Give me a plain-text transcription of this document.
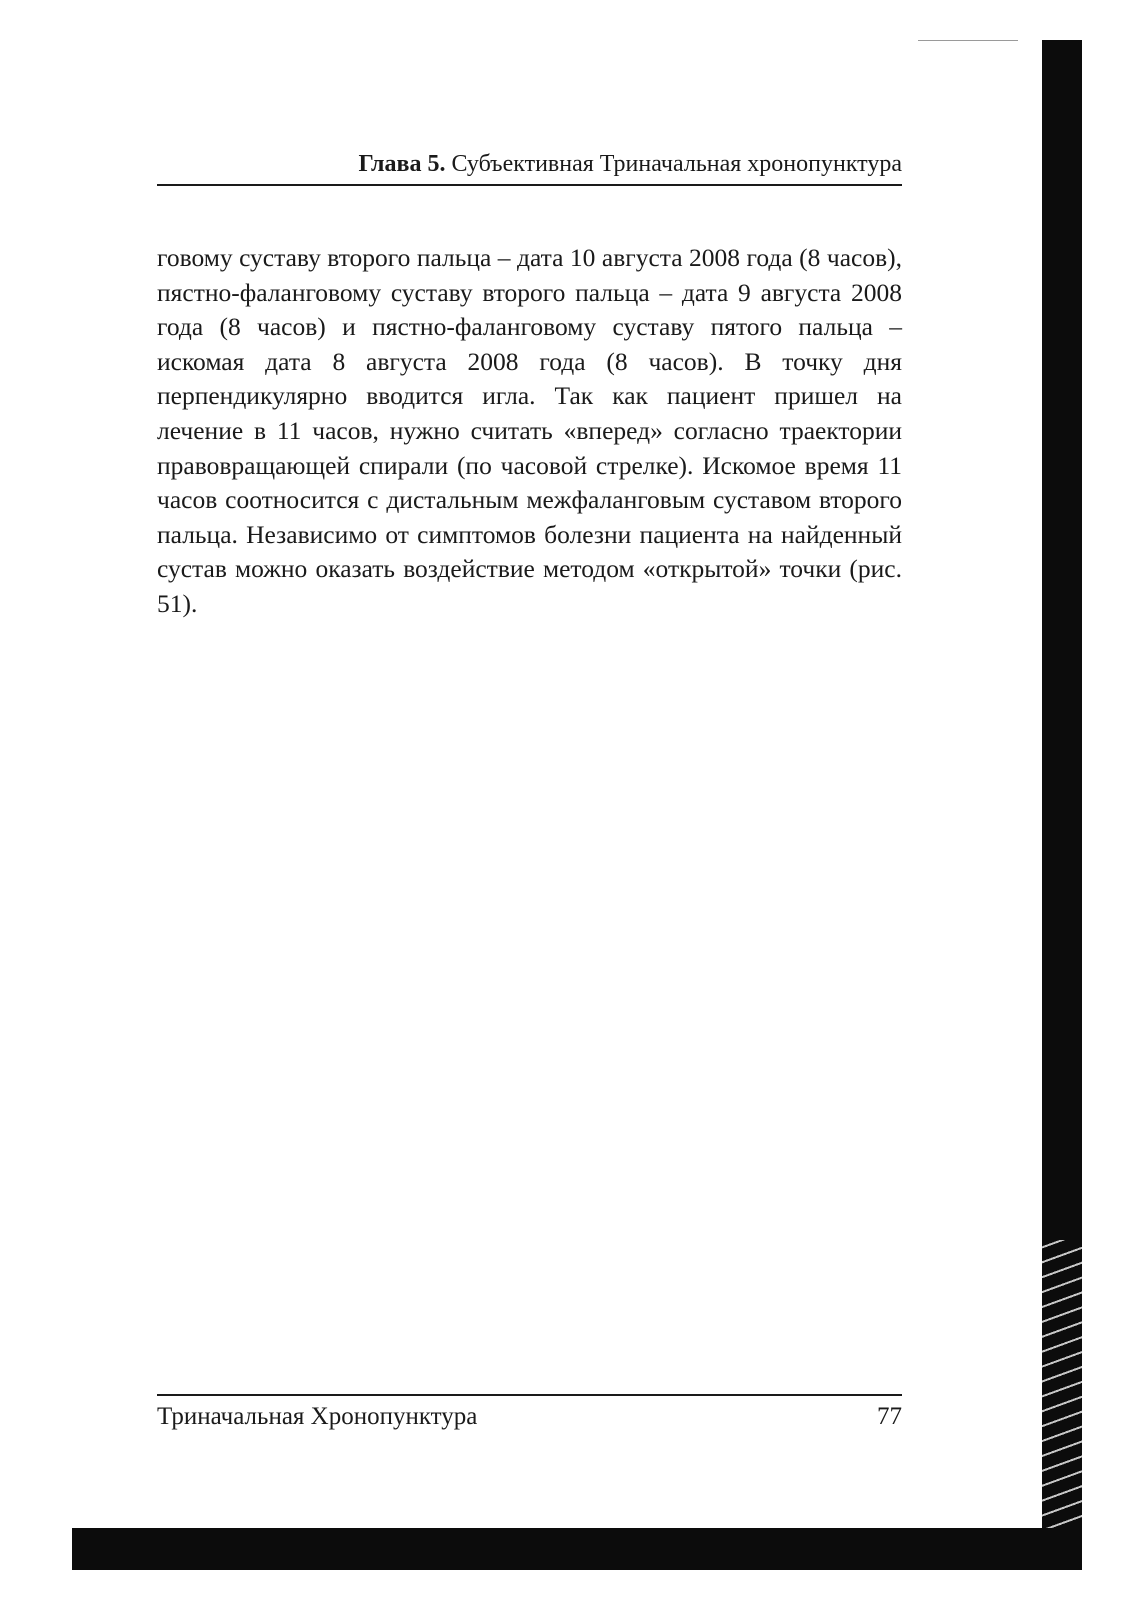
Глава 5. Субъективная Триначальная хронопунктура

говому суставу второго пальца – дата 10 августа 2008 года (8 часов), пястно-фаланговому суставу второго пальца – дата 9 августа 2008 года (8 часов) и пястно-фаланговому суставу пятого пальца – искомая дата 8 августа 2008 года (8 часов). В точку дня перпендикулярно вводится игла. Так как пациент пришел на лечение в 11 часов, нужно считать «вперед» согласно траектории правовращающей спирали (по часовой стрелке). Искомое время 11 часов соотносится с дистальным межфаланговым суставом второго пальца. Независимо от симптомов болезни пациента на найденный сустав можно оказать воздействие методом «открытой» точки (рис. 51).

Триначальная Хронопунктура	77
